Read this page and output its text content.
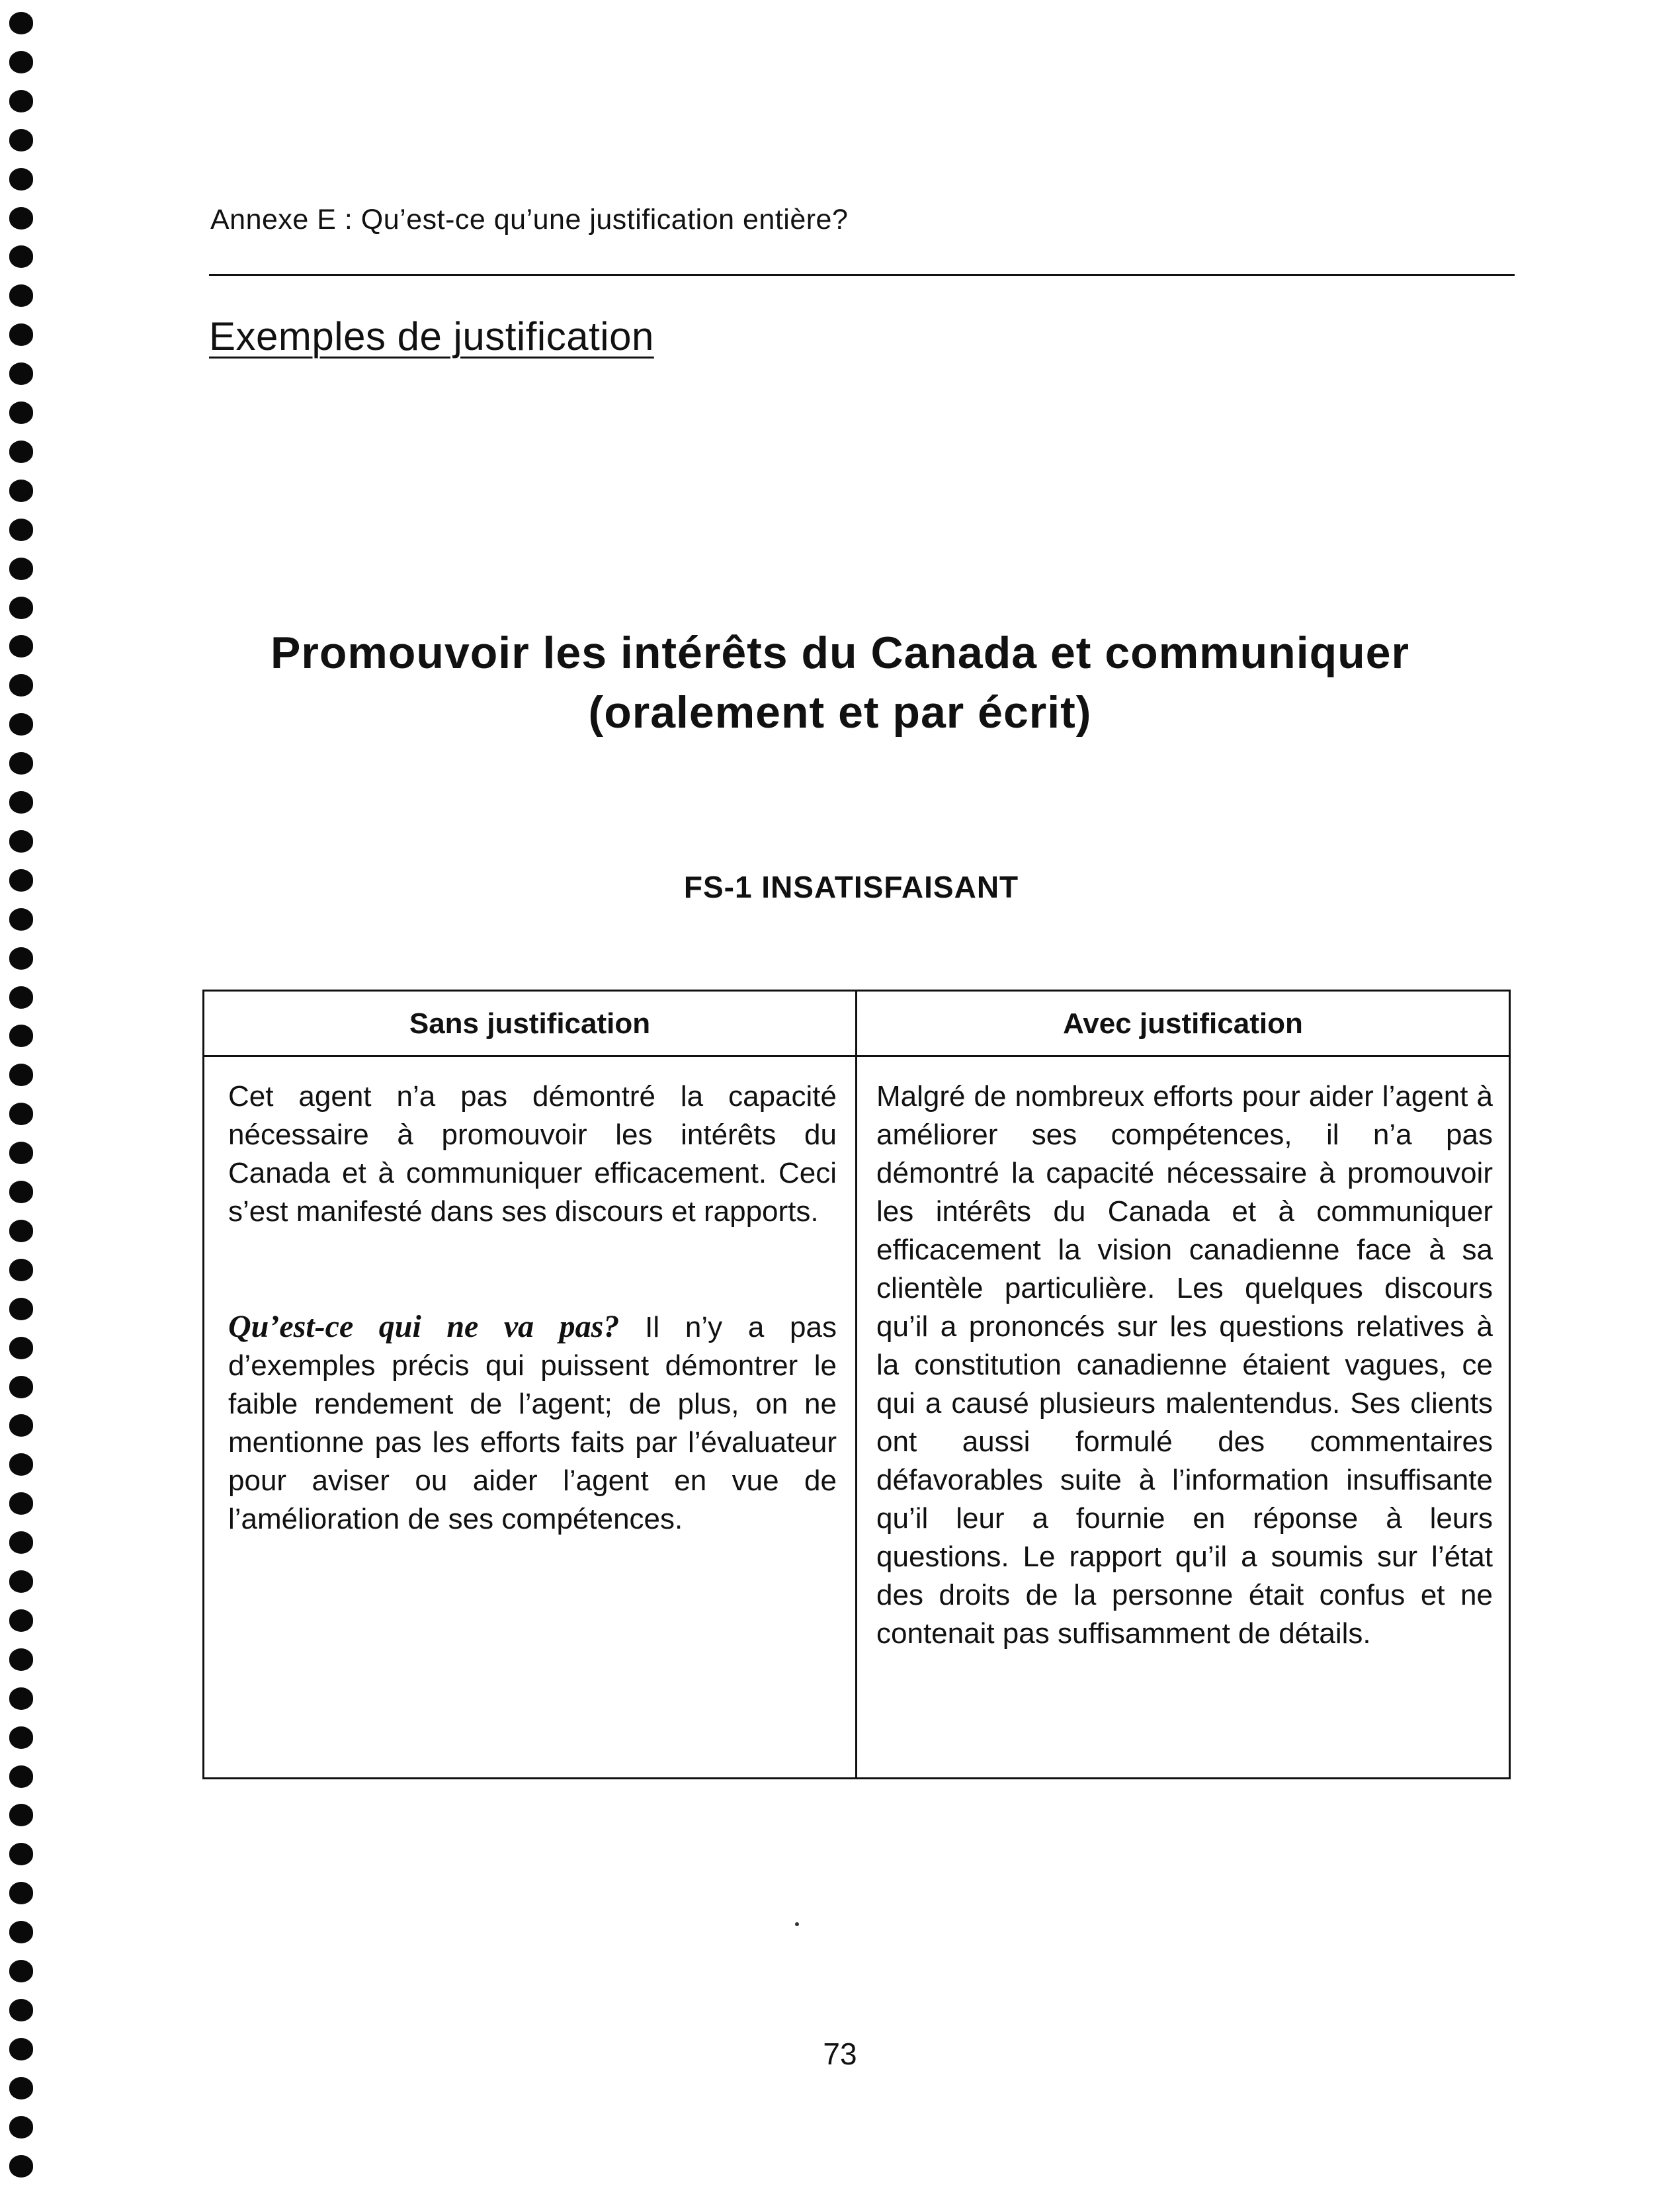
Annexe E : Qu’est-ce qu’une justification entière?
Exemples de justification
Promouvoir les intérêts du Canada et communiquer
(oralement et par écrit)
FS-1 INSATISFAISANT
Sans justification	Avec justification
Cet agent n’a pas démontré la capacité nécessaire à promouvoir les intérêts du Canada et à communiquer efficacement. Ceci s’est manifesté dans ses discours et rapports.
Qu’est-ce qui ne va pas? Il n’y a pas d’exemples précis qui puissent démontrer le faible rendement de l’agent; de plus, on ne mentionne pas les efforts faits par l’évaluateur pour aviser ou aider l’agent en vue de l’amélioration de ses compétences.
Malgré de nombreux efforts pour aider l’agent à améliorer ses compétences, il n’a pas démontré la capacité nécessaire à promouvoir les intérêts du Canada et à communiquer efficacement la vision canadienne face à sa clientèle particulière. Les quelques discours qu’il a prononcés sur les questions relatives à la constitution canadienne étaient vagues, ce qui a causé plusieurs malentendus. Ses clients ont aussi formulé des commentaires défavorables suite à l’information insuffisante qu’il leur a fournie en réponse à leurs questions. Le rapport qu’il a soumis sur l’état des droits de la personne était confus et ne contenait pas suffisamment de détails.
73
